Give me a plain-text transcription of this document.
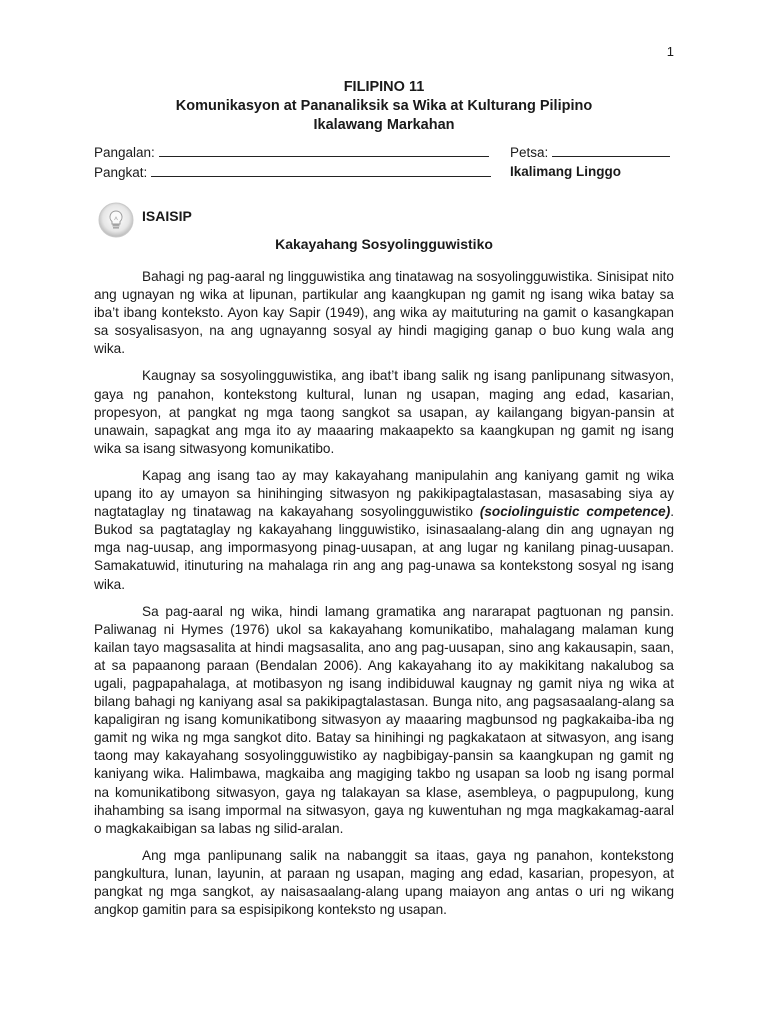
1
FILIPINO 11
Komunikasyon at Pananaliksik sa Wika at Kulturang Pilipino
Ikalawang Markahan
Pangalan:	Petsa:
Pangkat:	Ikalimang Linggo
ISAISIP
Kakayahang Sosyolingguwistiko

Bahagi ng pag-aaral ng lingguwistika ang tinatawag na sosyolingguwistika. Sinisipat nito ang ugnayan ng wika at lipunan, partikular ang kaangkupan ng gamit ng isang wika batay sa iba’t ibang konteksto. Ayon kay Sapir (1949), ang wika ay maituturing na gamit o kasangkapan sa sosyalisasyon, na ang ugnayanng sosyal ay hindi magiging ganap o buo kung wala ang wika.

Kaugnay sa sosyolingguwistika, ang ibat’t ibang salik ng isang panlipunang sitwasyon, gaya ng panahon, kontekstong kultural, lunan ng usapan, maging ang edad, kasarian, propesyon, at pangkat ng mga taong sangkot sa usapan, ay kailangang bigyan-pansin at unawain, sapagkat ang mga ito ay maaaring makaapekto sa kaangkupan ng gamit ng isang wika sa isang sitwasyong komunikatibo.

Kapag ang isang tao ay may kakayahang manipulahin ang kaniyang gamit ng wika upang ito ay umayon sa hinihinging sitwasyon ng pakikipagtalastasan, masasabing siya ay nagtataglay ng tinatawag na kakayahang sosyolingguwistiko (sociolinguistic competence). Bukod sa pagtataglay ng kakayahang lingguwistiko, isinasaalang-alang din ang ugnayan ng mga nag-uusap, ang impormasyong pinag-uusapan, at ang lugar ng kanilang pinag-uusapan. Samakatuwid, itinuturing na mahalaga rin ang ang pag-unawa sa kontekstong sosyal ng isang wika.

Sa pag-aaral ng wika, hindi lamang gramatika ang nararapat pagtuonan ng pansin. Paliwanag ni Hymes (1976) ukol sa kakayahang komunikatibo, mahalagang malaman kung kailan tayo magsasalita at hindi magsasalita, ano ang pag-uusapan, sino ang kakausapin, saan, at sa papaanong paraan (Bendalan 2006). Ang kakayahang ito ay makikitang nakalubog sa ugali, pagpapahalaga, at motibasyon ng isang indibiduwal kaugnay ng gamit niya ng wika at bilang bahagi ng kaniyang asal sa pakikipagtalastasan. Bunga nito, ang pagsasaalang-alang sa kapaligiran ng isang komunikatibong sitwasyon ay maaaring magbunsod ng pagkakaiba-iba ng gamit ng wika ng mga sangkot dito. Batay sa hinihingi ng pagkakataon at sitwasyon, ang isang taong may kakayahang sosyolingguwistiko ay nagbibigay-pansin sa kaangkupan ng gamit ng kaniyang wika. Halimbawa, magkaiba ang magiging takbo ng usapan sa loob ng isang pormal na komunikatibong sitwasyon, gaya ng talakayan sa klase, asembleya, o pagpupulong, kung ihahambing sa isang impormal na sitwasyon, gaya ng kuwentuhan ng mga magkakamag-aaral o magkakaibigan sa labas ng silid-aralan.

Ang mga panlipunang salik na nabanggit sa itaas, gaya ng panahon, kontekstong pangkultura, lunan, layunin, at paraan ng usapan, maging ang edad, kasarian, propesyon, at pangkat ng mga sangkot, ay naisasaalang-alang upang maiayon ang antas o uri ng wikang angkop gamitin para sa espisipikong konteksto ng usapan.
